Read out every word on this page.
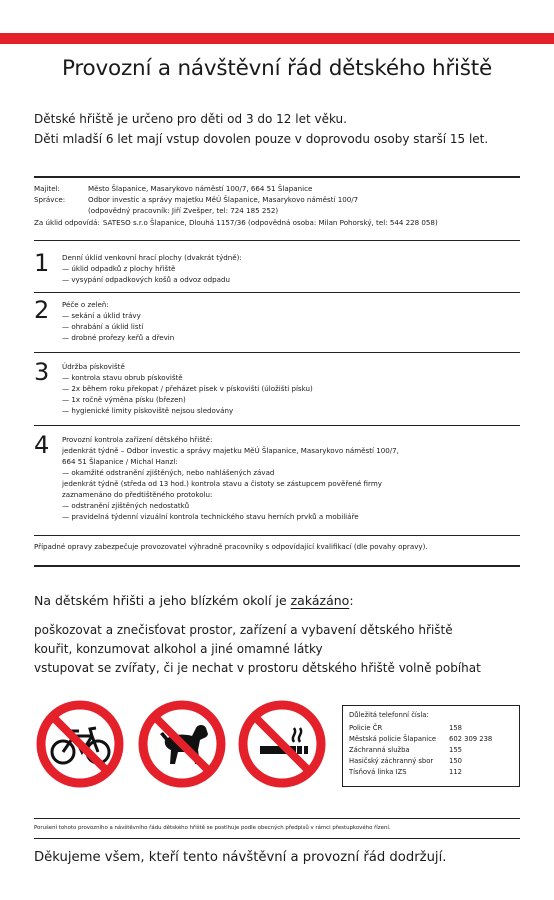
Provozní a návštěvní řád dětského hřiště
Dětské hřiště je určeno pro děti od 3 do 12 let věku.
Děti mladší 6 let mají vstup dovolen pouze v doprovodu osoby starší 15 let.
Majitel:	Město Šlapanice, Masarykovo náměstí 100/7, 664 51 Šlapanice
Správce:	Odbor investic a správy majetku MěÚ Šlapanice, Masarykovo náměstí 100/7
(odpovědný pracovník: Jiří Zvešper, tel: 724 185 252)
Za úklid odpovídá: SATESO s.r.o Šlapanice, Dlouhá 1157/36 (odpovědná osoba: Milan Pohorský, tel: 544 228 058)
1 Denní úklid venkovní hrací plochy (dvakrát týdně):
— úklid odpadků z plochy hřiště
— vysypání odpadkových košů a odvoz odpadu
2 Péče o zeleň:
— sekání a úklid trávy
— ohrabání a úklid listí
— drobné prořezy keřů a dřevin
3 Údržba pískoviště
— kontrola stavu obrub pískoviště
— 2x během roku překopat / přeházet písek v pískovišti (úložišti písku)
— 1x ročně výměna písku (březen)
— hygienické limity pískoviště nejsou sledovány
4 Provozní kontrola zařízení dětského hřiště:
jedenkrát týdně – Odbor investic a správy majetku MěÚ Šlapanice, Masarykovo náměstí 100/7,
664 51 Šlapanice / Michal Hanzl:
— okamžité odstranění zjištěných, nebo nahlášených závad
jedenkrát týdně (středa od 13 hod.) kontrola stavu a čistoty se zástupcem pověřené firmy
zaznamenáno do předtištěného protokolu:
— odstranění zjištěných nedostatků
— pravidelná týdenní vizuální kontrola technického stavu herních prvků a mobiliáře
Případné opravy zabezpečuje provozovatel výhradně pracovníky s odpovídající kvalifikací (dle povahy opravy).
Na dětském hřišti a jeho blízkém okolí je zakázáno:
poškozovat a znečisťovat prostor, zařízení a vybavení dětského hřiště
kouřit, konzumovat alkohol a jiné omamné látky
vstupovat se zvířaty, či je nechat v prostoru dětského hřiště volně pobíhat
Důležitá telefonní čísla:
Policie ČR	158
Městská policie Šlapanice	602 309 238
Záchranná služba	155
Hasičský záchranný sbor	150
Tísňová linka IZS	112
Porušení tohoto provozního a návštěvního řádu dětského hřiště se postihuje podle obecných předpisů v rámci přestupkového řízení.
Děkujeme všem, kteří tento návštěvní a provozní řád dodržují.
